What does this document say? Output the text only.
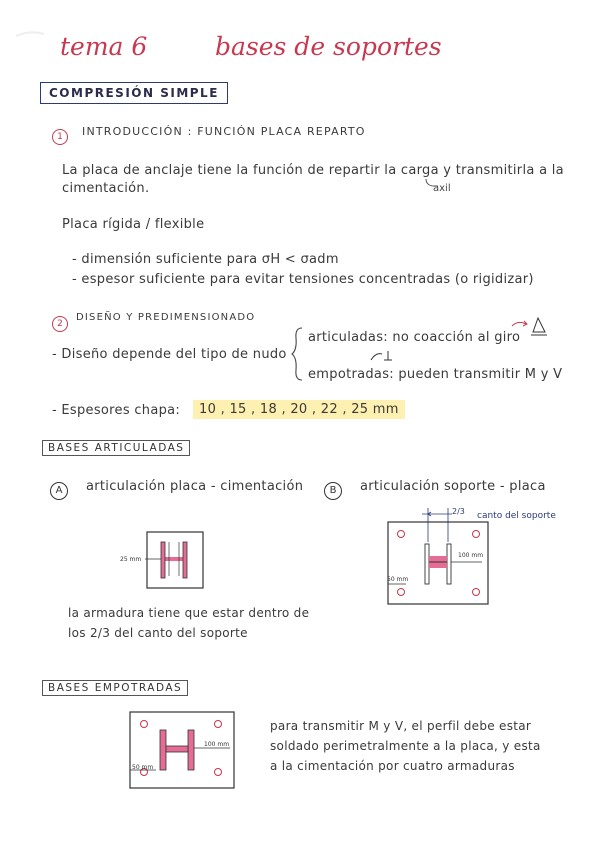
tema 6	bases de soportes
COMPRESIÓN SIMPLE
1	INTRODUCCIÓN : FUNCIÓN PLACA REPARTO
La placa de anclaje tiene la función de repartir la carga y transmitirla a la
cimentación.	axil
Placa rígida / flexible
- dimensión suficiente para σH < σadm
- espesor suficiente para evitar tensiones concentradas (o rigidizar)
2
DISEÑO Y PREDIMENSIONADO
- Diseño depende del tipo de nudo
articuladas: no coacción al giro
empotradas: pueden transmitir M y V
- Espesores chapa:	10 , 15 , 18 , 20 , 22 , 25 mm
BASES ARTICULADAS
A	articulación placa - cimentación	B	articulación soporte - placa
25 mm
2/3 canto del soporte
100 mm
50 mm
la armadura tiene que estar dentro de
los 2/3 del canto del soporte
BASES EMPOTRADAS
100 mm
50 mm
para transmitir M y V, el perfil debe estar
soldado perimetralmente a la placa, y esta
a la cimentación por cuatro armaduras
